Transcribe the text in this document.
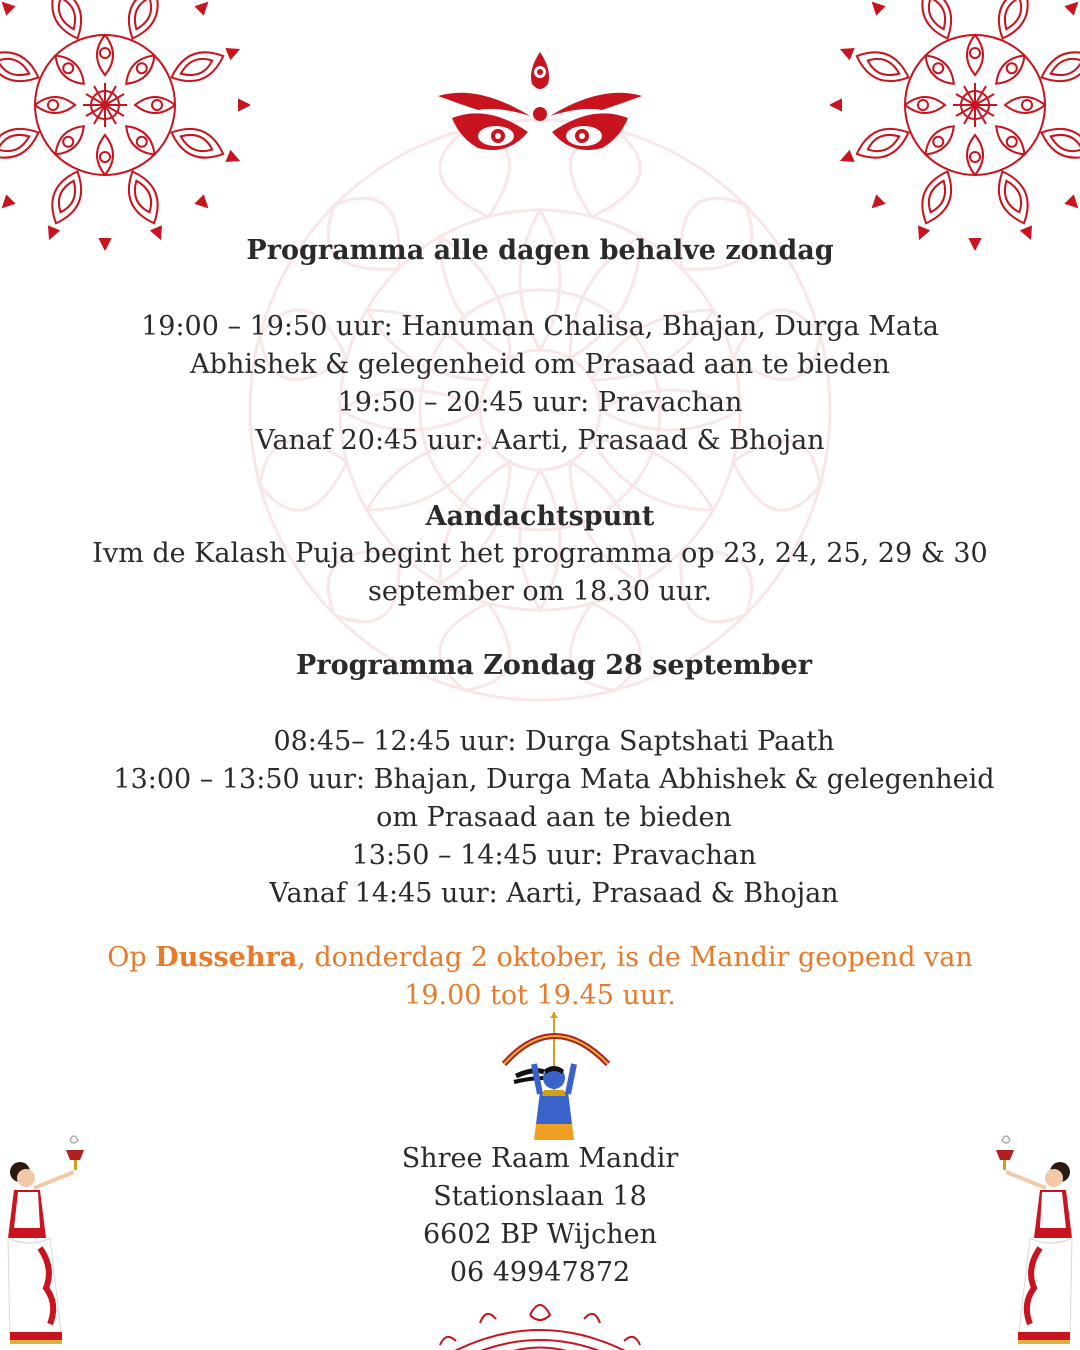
Programma alle dagen behalve zondag
19:00 – 19:50 uur: Hanuman Chalisa, Bhajan, Durga Mata
Abhishek & gelegenheid om Prasaad aan te bieden
19:50 – 20:45 uur: Pravachan
Vanaf 20:45 uur: Aarti, Prasaad & Bhojan
Aandachtspunt
Ivm de Kalash Puja begint het programma op 23, 24, 25, 29 & 30
september om 18.30 uur.
Programma Zondag 28 september
08:45– 12:45 uur: Durga Saptshati Paath
13:00 – 13:50 uur: Bhajan, Durga Mata Abhishek & gelegenheid
om Prasaad aan te bieden
13:50 – 14:45 uur: Pravachan
Vanaf 14:45 uur: Aarti, Prasaad & Bhojan
Op Dussehra, donderdag 2 oktober, is de Mandir geopend van
19.00 tot 19.45 uur.
Shree Raam Mandir
Stationslaan 18
6602 BP Wijchen
06 49947872
